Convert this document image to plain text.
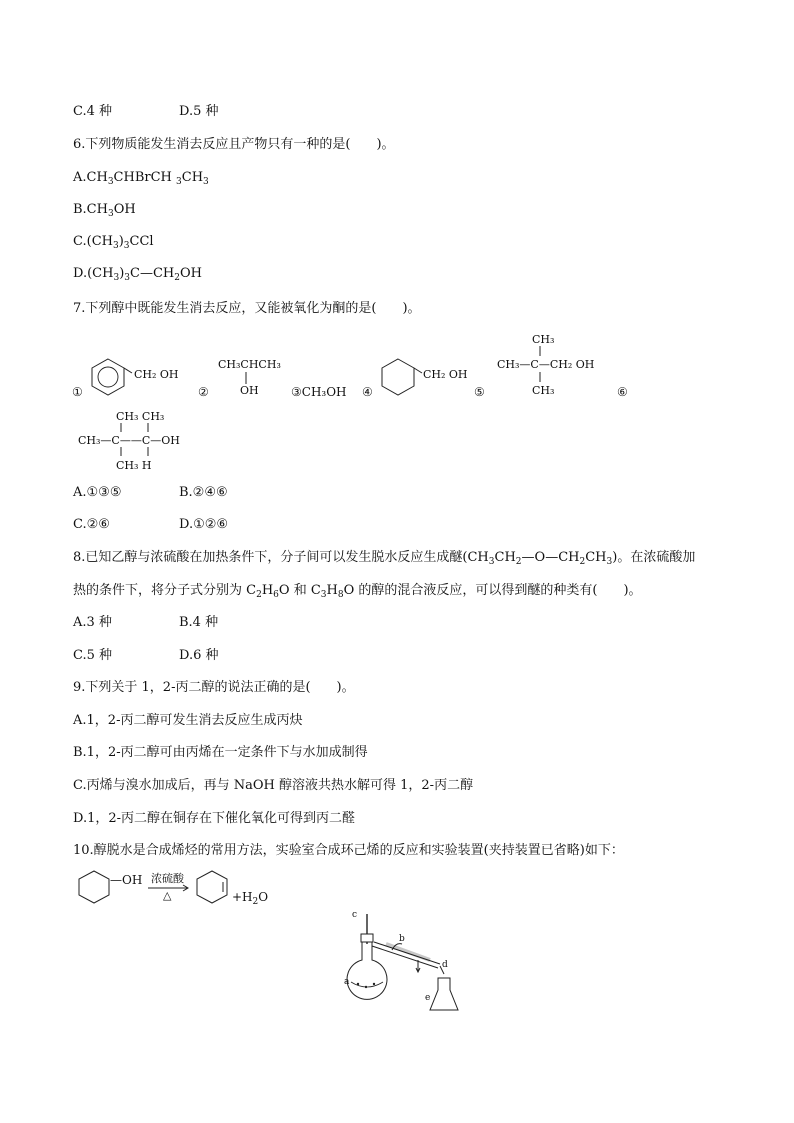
C.4 种	D.5 种
6.下列物质能发生消去反应且产物只有一种的是(　　)。
$A.CH_3CHBrCH$ $_3CH_3$
$B.CH_3OH$
$C.(CH_3)_3CCl$
$D.(CH_3)_3C—CH_2OH$
7.下列醇中既能发生消去反应，又能被氧化为酮的是(　　)。
①
CH₂ OH
②
CH₃CHCH₃
OH	③CH₃OH ④
CH₂ OH
⑤
CH₃
CH₃—C—CH₂ OH
CH₃	⑥
CH₃ CH₃
CH₃—C——C—OH
CH₃ H
A.①③⑤	B.②④⑥
C.②⑥	D.①②⑥
8.已知乙醇与浓硫酸在加热条件下，分子间可以发生脱水反应生成醚$(CH_3CH_2—O—CH_2CH_3)$。在浓硫酸加
热的条件下，将分子式分别为 $C_2H_6O$ 和 $C_3H_8O$ 的醇的混合液反应，可以得到醚的种类有(　　)。
A.3 种	B.4 种
C.5 种	D.6 种
9.下列关于 1，2-丙二醇的说法正确的是(　　)。
A.1，2-丙二醇可发生消去反应生成丙炔
B.1，2-丙二醇可由丙烯在一定条件下与水加成制得
C.丙烯与溴水加成后，再与 NaOH 醇溶液共热水解可得 1，2-丙二醇
D.1，2-丙二醇在铜存在下催化氧化可得到丙二醛
10.醇脱水是合成烯烃的常用方法，实验室合成环己烯的反应和实验装置(夹持装置已省略)如下：
—OH 浓硫酸
△	$+H_2O$
c
b
a
d
e
